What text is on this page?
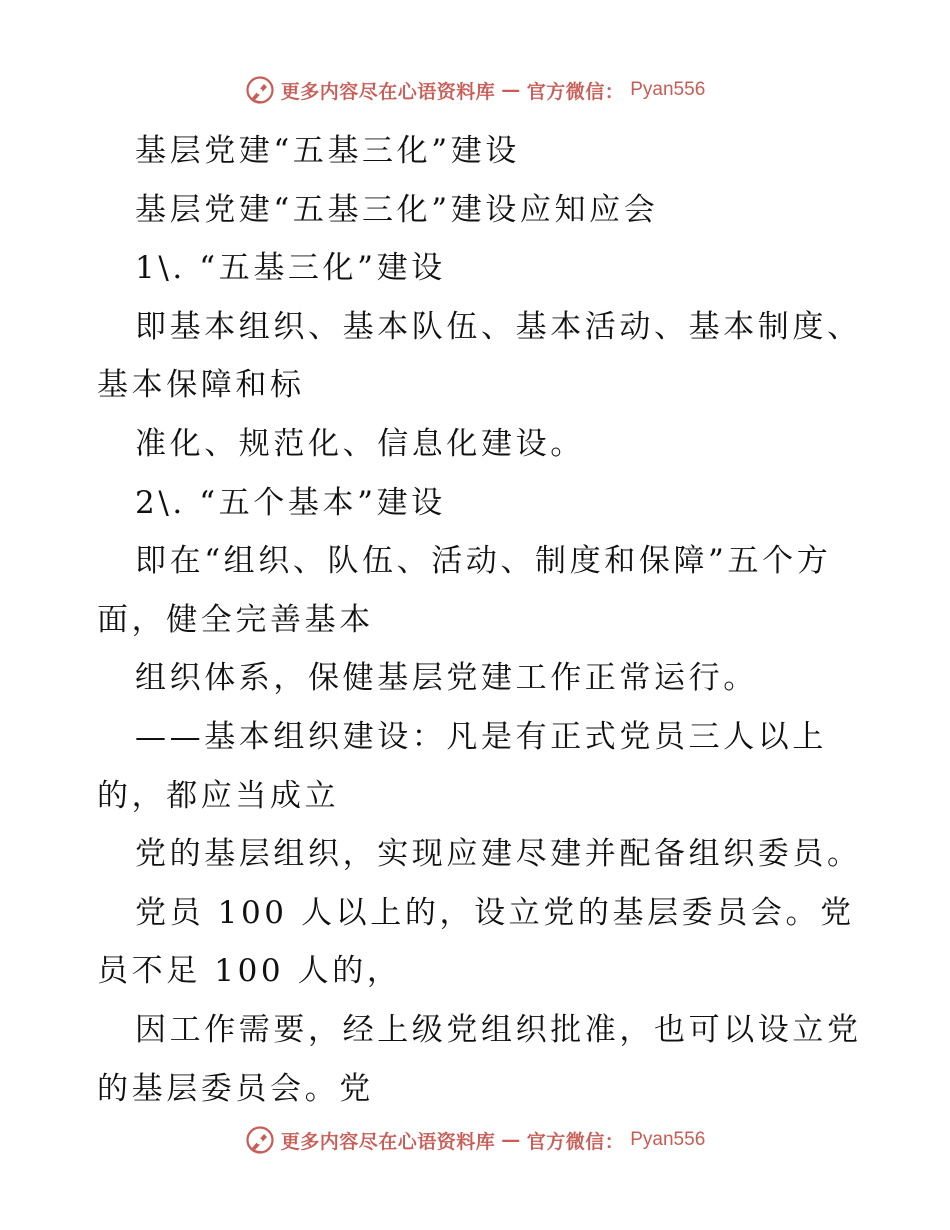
更多内容尽在心语资料库 — 官方微信： Pyan556
基层党建“五基三化”建设
基层党建“五基三化”建设应知应会
1\. “五基三化”建设
即基本组织、基本队伍、基本活动、基本制度、
基本保障和标
准化、规范化、信息化建设。
2\. “五个基本”建设
即在“组织、队伍、活动、制度和保障”五个方
面，健全完善基本
组织体系，保健基层党建工作正常运行。
——基本组织建设：凡是有正式党员三人以上
的，都应当成立
党的基层组织，实现应建尽建并配备组织委员。
党员 100 人以上的，设立党的基层委员会。党
员不足 100 人的，
因工作需要，经上级党组织批准，也可以设立党
的基层委员会。党
更多内容尽在心语资料库 — 官方微信： Pyan556
